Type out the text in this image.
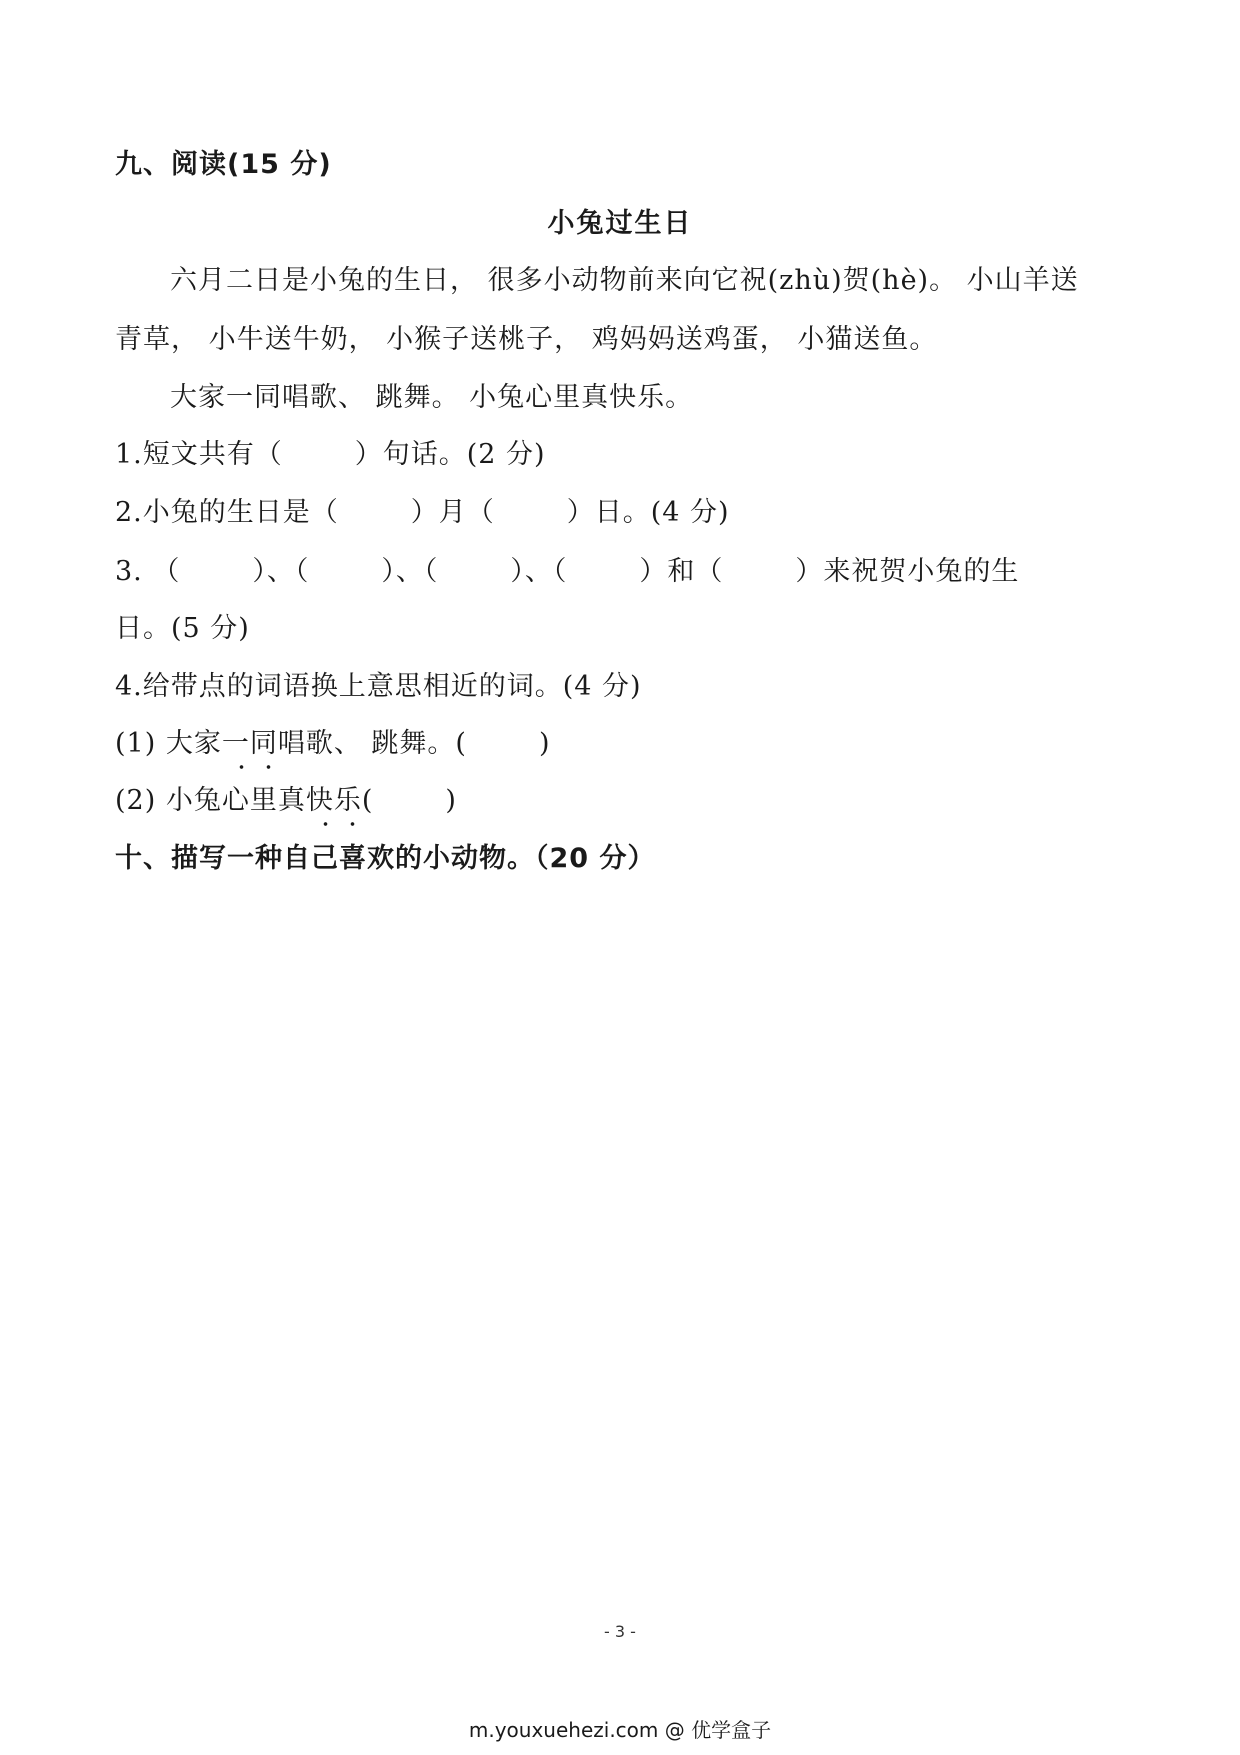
九、阅读(15 分)
小兔过生日
六月二日是小兔的生日， 很多小动物前来向它祝(zhù)贺(hè)。 小山羊送
青草， 小牛送牛奶， 小猴子送桃子， 鸡妈妈送鸡蛋， 小猫送鱼。
大家一同唱歌、 跳舞。 小兔心里真快乐。
1.短文共有（	）句话。(2 分)
2.小兔的生日是（	）月（	）日。(4 分)
3. （	）、（	）、（	）、（	）和（	）来祝贺小兔的生
日。(5 分)
4.给带点的词语换上意思相近的词。(4 分)
(1) 大家一同唱歌、 跳舞。(	)
(2) 小兔心里真快乐(	)
十、描写一种自己喜欢的小动物。（20 分）
- 3 -
m.youxuehezi.com @ 优学盒子
